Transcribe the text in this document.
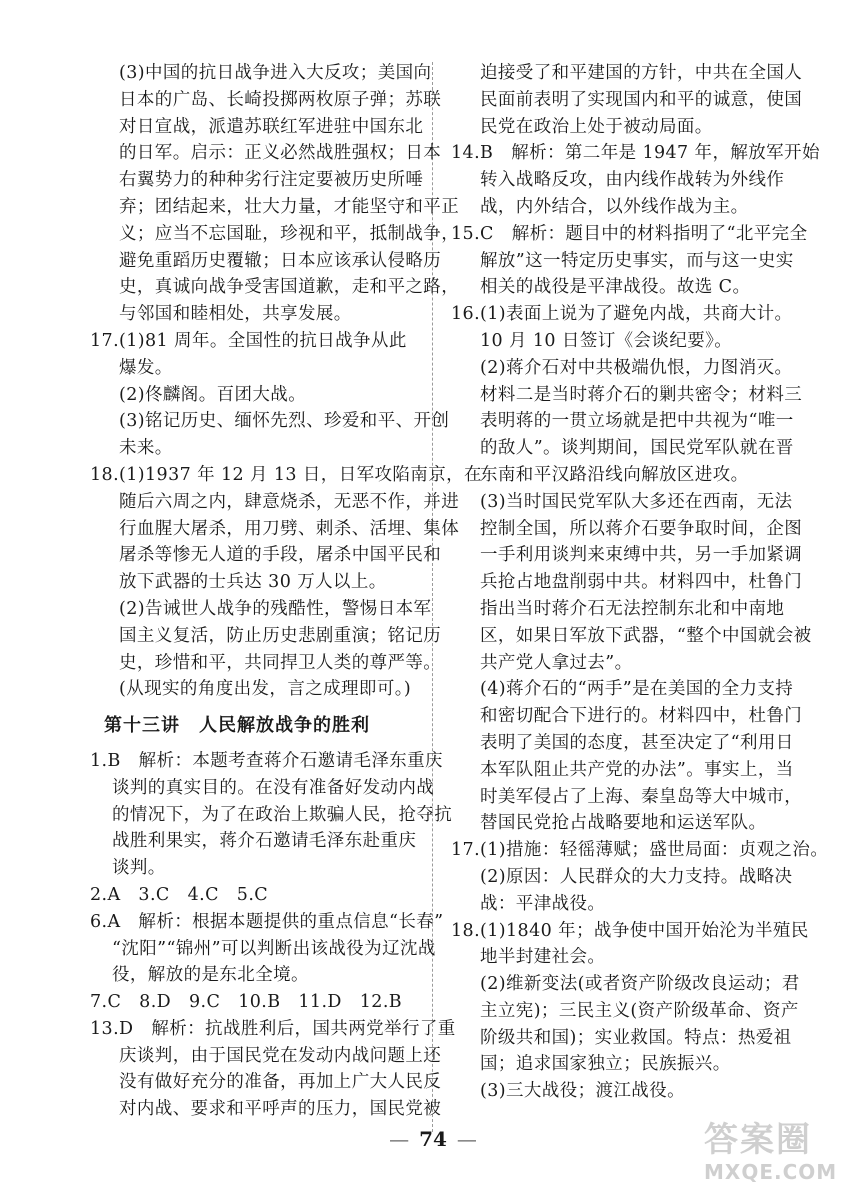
(3)中国的抗日战争进入大反攻；美国向
日本的广岛、长崎投掷两枚原子弹；苏联
对日宣战，派遣苏联红军进驻中国东北
的日军。启示：正义必然战胜强权；日本
右翼势力的种种劣行注定要被历史所唾
弃；团结起来，壮大力量，才能坚守和平正
义；应当不忘国耻，珍视和平，抵制战争，
避免重蹈历史覆辙；日本应该承认侵略历
史，真诚向战争受害国道歉，走和平之路，
与邻国和睦相处，共享发展。
17.(1)81 周年。全国性的抗日战争从此
爆发。
(2)佟麟阁。百团大战。
(3)铭记历史、缅怀先烈、珍爱和平、开创
未来。
18.(1)1937 年 12 月 13 日，日军攻陷南京，在
随后六周之内，肆意烧杀，无恶不作，并进
行血腥大屠杀，用刀劈、刺杀、活埋、集体
屠杀等惨无人道的手段，屠杀中国平民和
放下武器的士兵达 30 万人以上。
(2)告诫世人战争的残酷性，警惕日本军
国主义复活，防止历史悲剧重演；铭记历
史，珍惜和平，共同捍卫人类的尊严等。
(从现实的角度出发，言之成理即可。)
第十三讲　人民解放战争的胜利
1.B　解析：本题考查蒋介石邀请毛泽东重庆
谈判的真实目的。在没有准备好发动内战
的情况下，为了在政治上欺骗人民，抢夺抗
战胜利果实，蒋介石邀请毛泽东赴重庆
谈判。
2.A　3.C　4.C　5.C
6.A　解析：根据本题提供的重点信息“长春”
“沈阳”“锦州”可以判断出该战役为辽沈战
役，解放的是东北全境。
7.C　8.D　9.C　10.B　11.D　12.B
13.D　解析：抗战胜利后，国共两党举行了重
庆谈判，由于国民党在发动内战问题上还
没有做好充分的准备，再加上广大人民反
对内战、要求和平呼声的压力，国民党被
迫接受了和平建国的方针，中共在全国人
民面前表明了实现国内和平的诚意，使国
民党在政治上处于被动局面。
14.B　解析：第二年是 1947 年，解放军开始
转入战略反攻，由内线作战转为外线作
战，内外结合，以外线作战为主。
15.C　解析：题目中的材料指明了“北平完全
解放”这一特定历史事实，而与这一史实
相关的战役是平津战役。故选 C。
16.(1)表面上说为了避免内战，共商大计。
10 月 10 日签订《会谈纪要》。
(2)蒋介石对中共极端仇恨，力图消灭。
材料二是当时蒋介石的剿共密令；材料三
表明蒋的一贯立场就是把中共视为“唯一
的敌人”。谈判期间，国民党军队就在晋
东南和平汉路沿线向解放区进攻。
(3)当时国民党军队大多还在西南，无法
控制全国，所以蒋介石要争取时间，企图
一手利用谈判来束缚中共，另一手加紧调
兵抢占地盘削弱中共。材料四中，杜鲁门
指出当时蒋介石无法控制东北和中南地
区，如果日军放下武器，“整个中国就会被
共产党人拿过去”。
(4)蒋介石的“两手”是在美国的全力支持
和密切配合下进行的。材料四中，杜鲁门
表明了美国的态度，甚至决定了“利用日
本军队阻止共产党的办法”。事实上，当
时美军侵占了上海、秦皇岛等大中城市，
替国民党抢占战略要地和运送军队。
17.(1)措施：轻徭薄赋；盛世局面：贞观之治。
(2)原因：人民群众的大力支持。战略决
战：平津战役。
18.(1)1840 年；战争使中国开始沦为半殖民
地半封建社会。
(2)维新变法(或者资产阶级改良运动；君
主立宪)；三民主义(资产阶级革命、资产
阶级共和国)；实业救国。特点：热爱祖
国；追求国家独立；民族振兴。
(3)三大战役；渡江战役。
— 74 —	答案圈
MXQE.COM
